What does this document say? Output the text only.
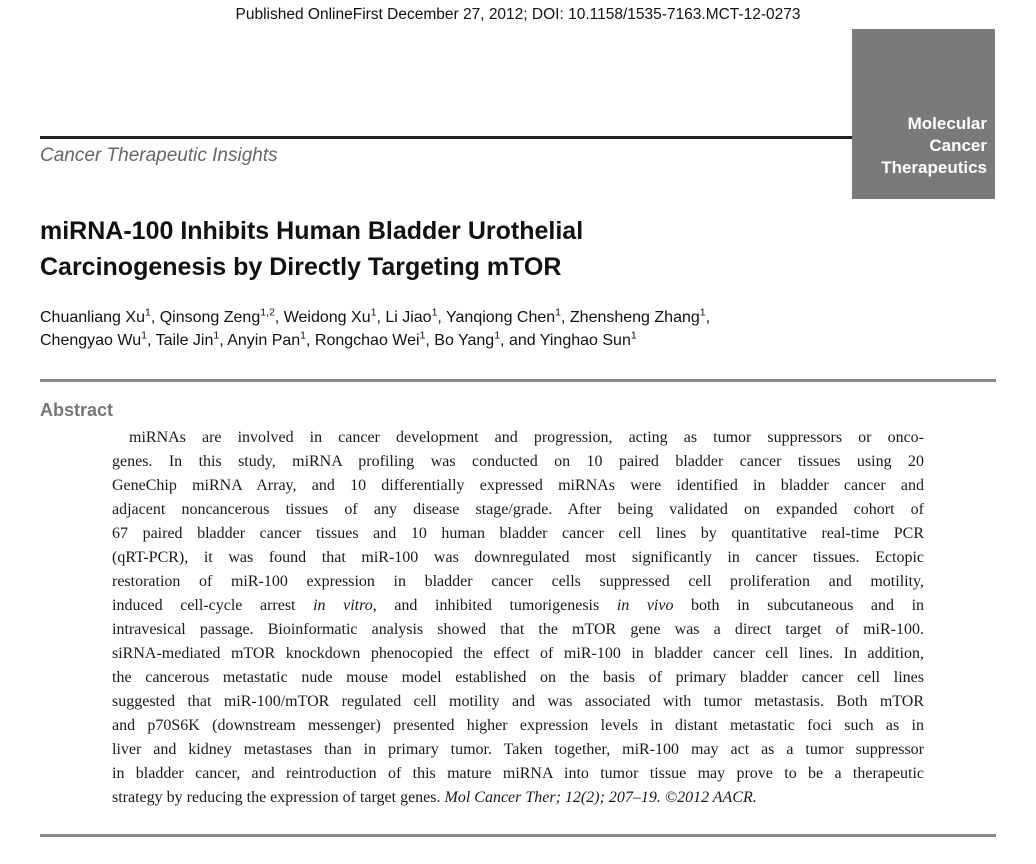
Published OnlineFirst December 27, 2012; DOI: 10.1158/1535-7163.MCT-12-0273
Molecular
Cancer
Therapeutics
Cancer Therapeutic Insights
miRNA-100 Inhibits Human Bladder Urothelial
Carcinogenesis by Directly Targeting mTOR
Chuanliang Xu$^1$, Qinsong Zeng$^{1,2}$, Weidong Xu$^1$, Li Jiao$^1$, Yanqiong Chen$^1$, Zhensheng Zhang$^1$,
Chengyao Wu$^1$, Taile Jin$^1$, Anyin Pan$^1$, Rongchao Wei$^1$, Bo Yang$^1$, and Yinghao Sun$^1$
Abstract
miRNAs are involved in cancer development and progression, acting as tumor suppressors or onco-
genes. In this study, miRNA profiling was conducted on 10 paired bladder cancer tissues using 20
GeneChip miRNA Array, and 10 differentially expressed miRNAs were identified in bladder cancer and
adjacent noncancerous tissues of any disease stage/grade. After being validated on expanded cohort of
67 paired bladder cancer tissues and 10 human bladder cancer cell lines by quantitative real-time PCR
(qRT-PCR), it was found that miR-100 was downregulated most significantly in cancer tissues. Ectopic
restoration of miR-100 expression in bladder cancer cells suppressed cell proliferation and motility,
induced cell-cycle arrest in vitro, and inhibited tumorigenesis in vivo both in subcutaneous and in
intravesical passage. Bioinformatic analysis showed that the mTOR gene was a direct target of miR-100.
siRNA-mediated mTOR knockdown phenocopied the effect of miR-100 in bladder cancer cell lines. In addition,
the cancerous metastatic nude mouse model established on the basis of primary bladder cancer cell lines
suggested that miR-100/mTOR regulated cell motility and was associated with tumor metastasis. Both mTOR
and p70S6K (downstream messenger) presented higher expression levels in distant metastatic foci such as in
liver and kidney metastases than in primary tumor. Taken together, miR-100 may act as a tumor suppressor
in bladder cancer, and reintroduction of this mature miRNA into tumor tissue may prove to be a therapeutic
strategy by reducing the expression of target genes. Mol Cancer Ther; 12(2); 207–19. ©2012 AACR.
